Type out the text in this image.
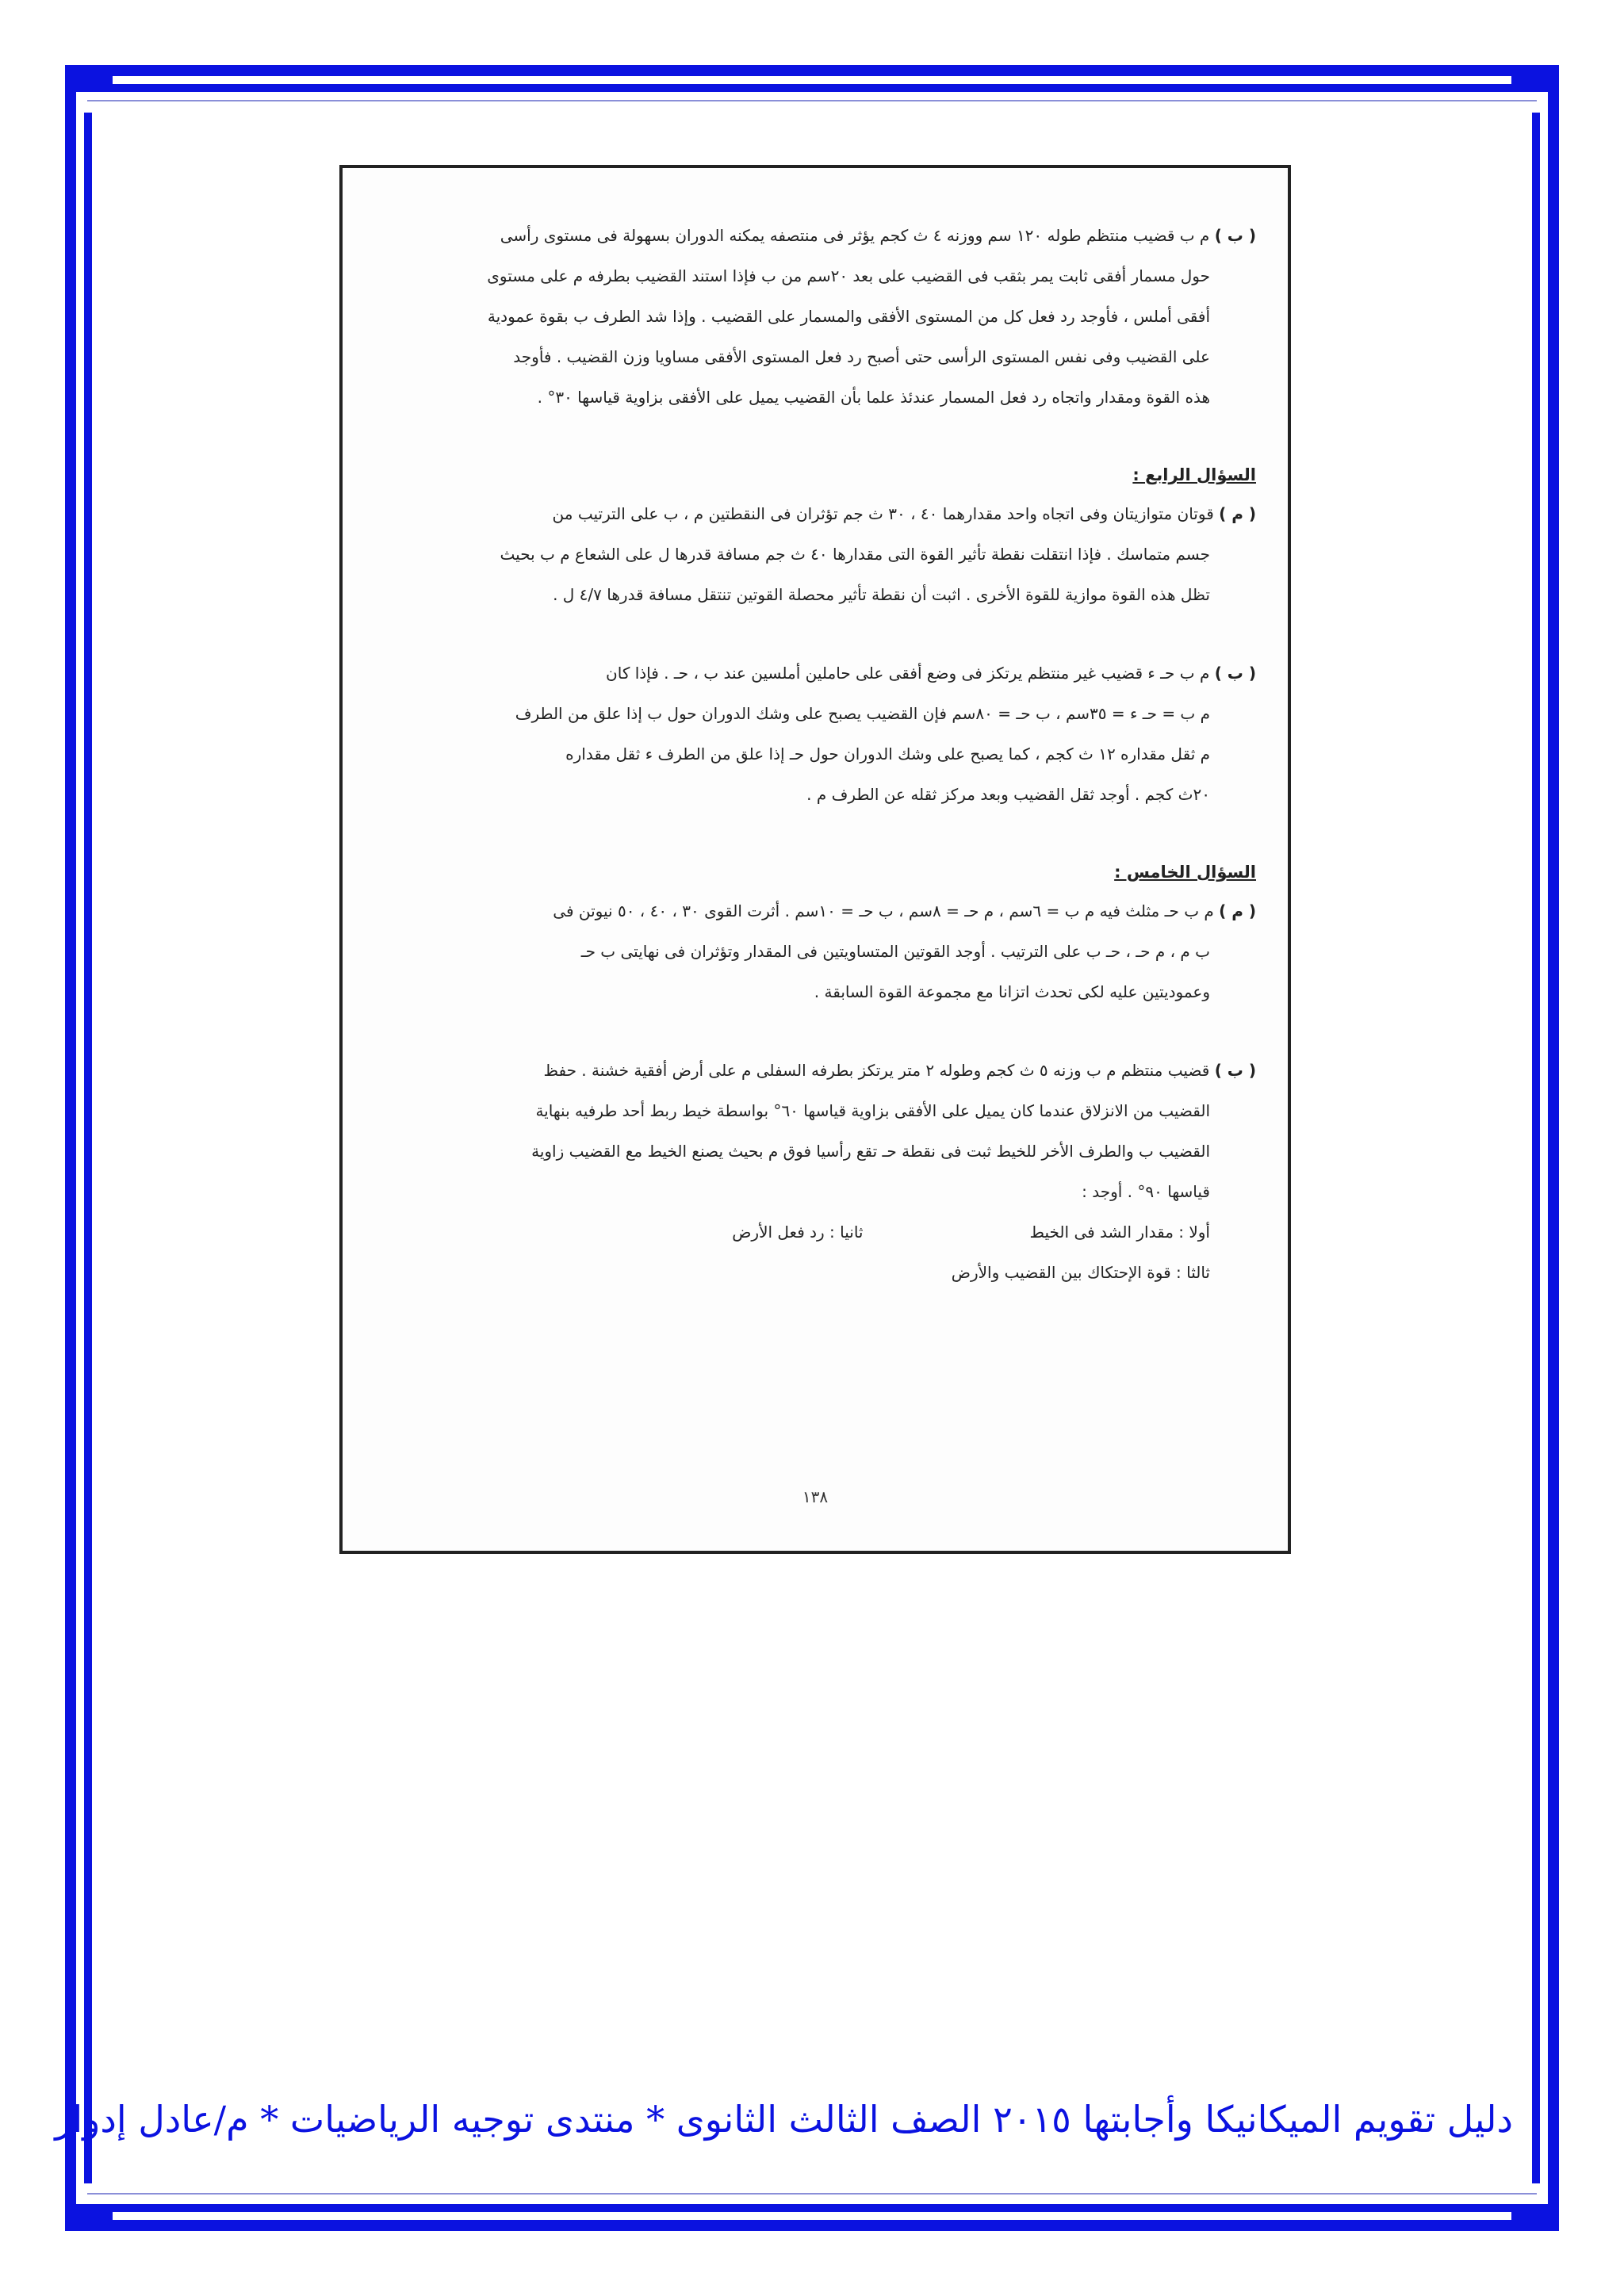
( ب ) م ب قضيب منتظم طوله ١٢٠ سم ووزنه ٤ ث كجم يؤثر فى منتصفه يمكنه الدوران بسهولة فى مستوى رأسى

حول مسمار أفقى ثابت يمر بثقب فى القضيب على بعد ٢٠سم من ب فإذا استند القضيب بطرفه م على مستوى

أفقى أملس ، فأوجد رد فعل كل من المستوى الأفقى والمسمار على القضيب . وإذا شد الطرف ب بقوة عمودية

على القضيب وفى نفس المستوى الرأسى حتى أصبح رد فعل المستوى الأفقى مساويا وزن القضيب . فأوجد

هذه القوة ومقدار واتجاه رد فعل المسمار عندئذ علما بأن القضيب يميل على الأفقى بزاوية قياسها ٣٠° .

السؤال الرابع :

( م ) قوتان متوازيتان وفى اتجاه واحد مقدارهما ٤٠ ، ٣٠ ث جم تؤثران فى النقطتين م ، ب على الترتيب من

جسم متماسك . فإذا انتقلت نقطة تأثير القوة التى مقدارها ٤٠ ث جم مسافة قدرها ل على الشعاع م ب بحيث

تظل هذه القوة موازية للقوة الأخرى . اثبت أن نقطة تأثير محصلة القوتين تنتقل مسافة قدرها ٤/٧ ل .

( ب ) م ب حـ ء قضيب غير منتظم يرتكز فى وضع أفقى على حاملين أملسين عند ب ، حـ . فإذا كان

م ب = حـ ء = ٣٥سم ، ب حـ = ٨٠سم فإن القضيب يصبح على وشك الدوران حول ب إذا علق من الطرف

م ثقل مقداره ١٢ ث كجم ، كما يصبح على وشك الدوران حول حـ إذا علق من الطرف ء ثقل مقداره

٢٠ث كجم . أوجد ثقل القضيب وبعد مركز ثقله عن الطرف م .

السؤال الخامس :

( م ) م ب حـ مثلث فيه م ب = ٦سم ، م حـ = ٨سم ، ب حـ = ١٠سم . أثرت القوى ٣٠ ، ٤٠ ، ٥٠ نيوتن فى

ب م ، م حـ ، حـ ب على الترتيب . أوجد القوتين المتساويتين فى المقدار وتؤثران فى نهايتى ب حـ

وعموديتين عليه لكى تحدث اتزانا مع مجموعة القوة السابقة .

( ب ) قضيب منتظم م ب وزنه ٥ ث كجم وطوله ٢ متر يرتكز بطرفه السفلى م على أرض أفقية خشنة . حفظ

القضيب من الانزلاق عندما كان يميل على الأفقى بزاوية قياسها ٦٠° بواسطة خيط ربط أحد طرفيه بنهاية

القضيب ب والطرف الأخر للخيط ثبت فى نقطة حـ تقع رأسيا فوق م بحيث يصنع الخيط مع القضيب زاوية

قياسها ٩٠° . أوجد :

أولا : مقدار الشد فى الخيط
ثانيا : رد فعل الأرض

ثالثا : قوة الإحتكاك بين القضيب والأرض

١٣٨
دليل تقويم الميكانيكا وأجابتها ٢٠١٥ الصف الثالث الثانوى * منتدى توجيه الرياضيات * م/عادل إدوار
